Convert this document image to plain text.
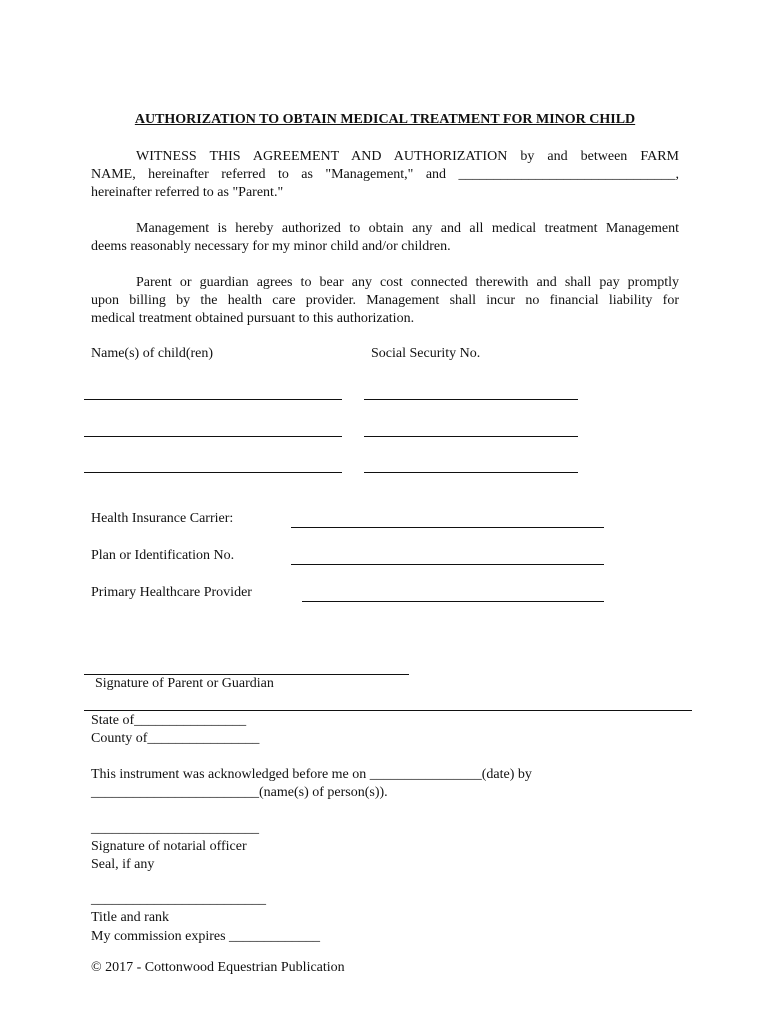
AUTHORIZATION TO OBTAIN MEDICAL TREATMENT FOR MINOR CHILD
WITNESS THIS AGREEMENT AND AUTHORIZATION by and between FARM
NAME, hereinafter referred to as "Management," and _______________________________,
hereinafter referred to as "Parent."
Management is hereby authorized to obtain any and all medical treatment Management
deems reasonably necessary for my minor child and/or children.
Parent or guardian agrees to bear any cost connected therewith and shall pay promptly
upon billing by the health care provider. Management shall incur no financial liability for
medical treatment obtained pursuant to this authorization.
Name(s) of child(ren)	Social Security No.
Health Insurance Carrier:
Plan or Identification No.
Primary Healthcare Provider
Signature of Parent or Guardian
State of________________
County of________________
This instrument was acknowledged before me on ________________(date) by
________________________(name(s) of person(s)).
________________________
Signature of notarial officer
Seal, if any
_________________________
Title and rank
My commission expires _____________
© 2017 - Cottonwood Equestrian Publication
